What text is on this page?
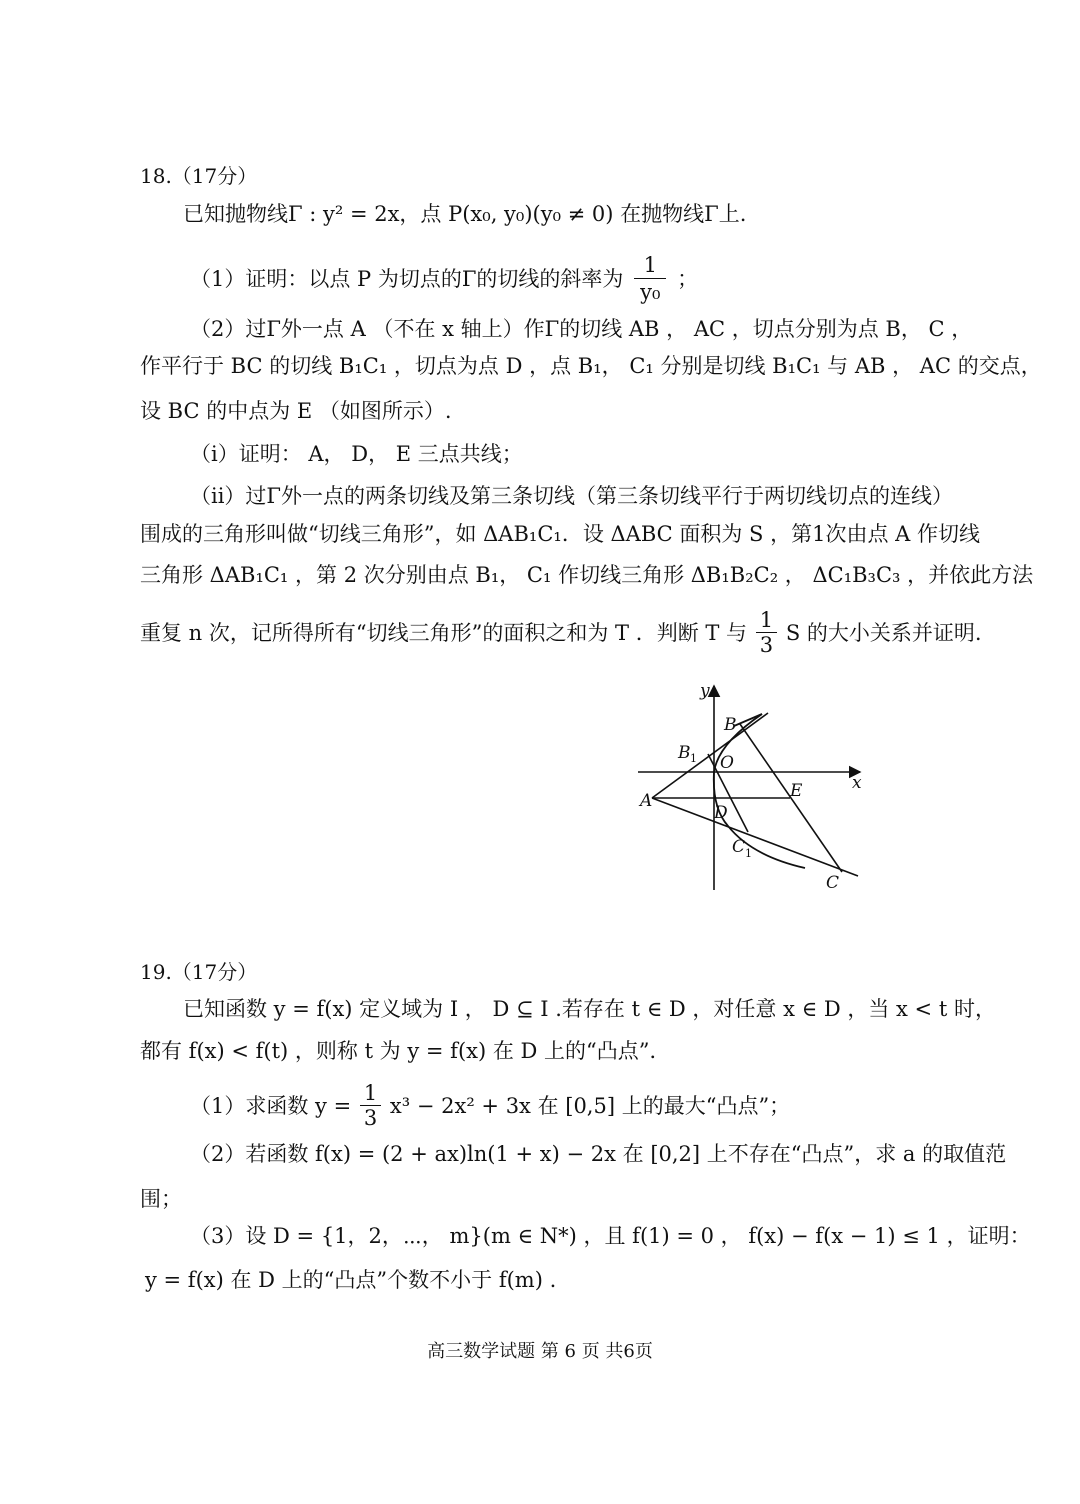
18.（17分）
已知抛物线Γ : y² = 2x，点 P(x₀, y₀)(y₀ ≠ 0) 在抛物线Γ上.
（1）证明：以点 P 为切点的Γ的切线的斜率为 $\frac{1}{\text{y₀}}$ ；
（2）过Γ外一点 A （不在 x 轴上）作Γ的切线 AB ， AC ，切点分别为点 B， C ，
作平行于 BC 的切线 B₁C₁ ，切点为点 D ，点 B₁， C₁ 分别是切线 B₁C₁ 与 AB ， AC 的交点，
设 BC 的中点为 E （如图所示）.
（i）证明： A， D， E 三点共线；
（ii）过Γ外一点的两条切线及第三条切线（第三条切线平行于两切线切点的连线）
围成的三角形叫做“切线三角形”，如 ΔAB₁C₁．设 ΔABC 面积为 S ，第1次由点 A 作切线
三角形 ΔAB₁C₁ ，第 2 次分别由点 B₁， C₁ 作切线三角形 ΔB₁B₂C₂ ， ΔC₁B₃C₃ ，并依此方法
重复 n 次，记所得所有“切线三角形”的面积之和为 T ．判断 T 与 $\frac{1}{3}$ S 的大小关系并证明.
y
x
O
A
B
B 1
C
C 1
D
E
19.（17分）
已知函数 y = f(x) 定义域为 I ， D ⊆ I .若存在 t ∈ D ，对任意 x ∈ D ，当 x < t 时，
都有 f(x) < f(t) ，则称 t 为 y = f(x) 在 D 上的“凸点”．
（1）求函数 $y = \frac{1}{3} x^3 - 2x^2 + 3x$ 在 [0,5] 上的最大“凸点”；
（2）若函数 f(x) = (2 + ax)ln(1 + x) − 2x 在 [0,2] 上不存在“凸点”，求 a 的取值范
围；
（3）设 D = {1，2，⋯， m}(m ∈ N*) ，且 f(1) = 0 ， f(x) − f(x − 1) ≤ 1 ，证明：
y = f(x) 在 D 上的“凸点”个数不小于 f(m) .
高三数学试题 第 6 页 共6页
